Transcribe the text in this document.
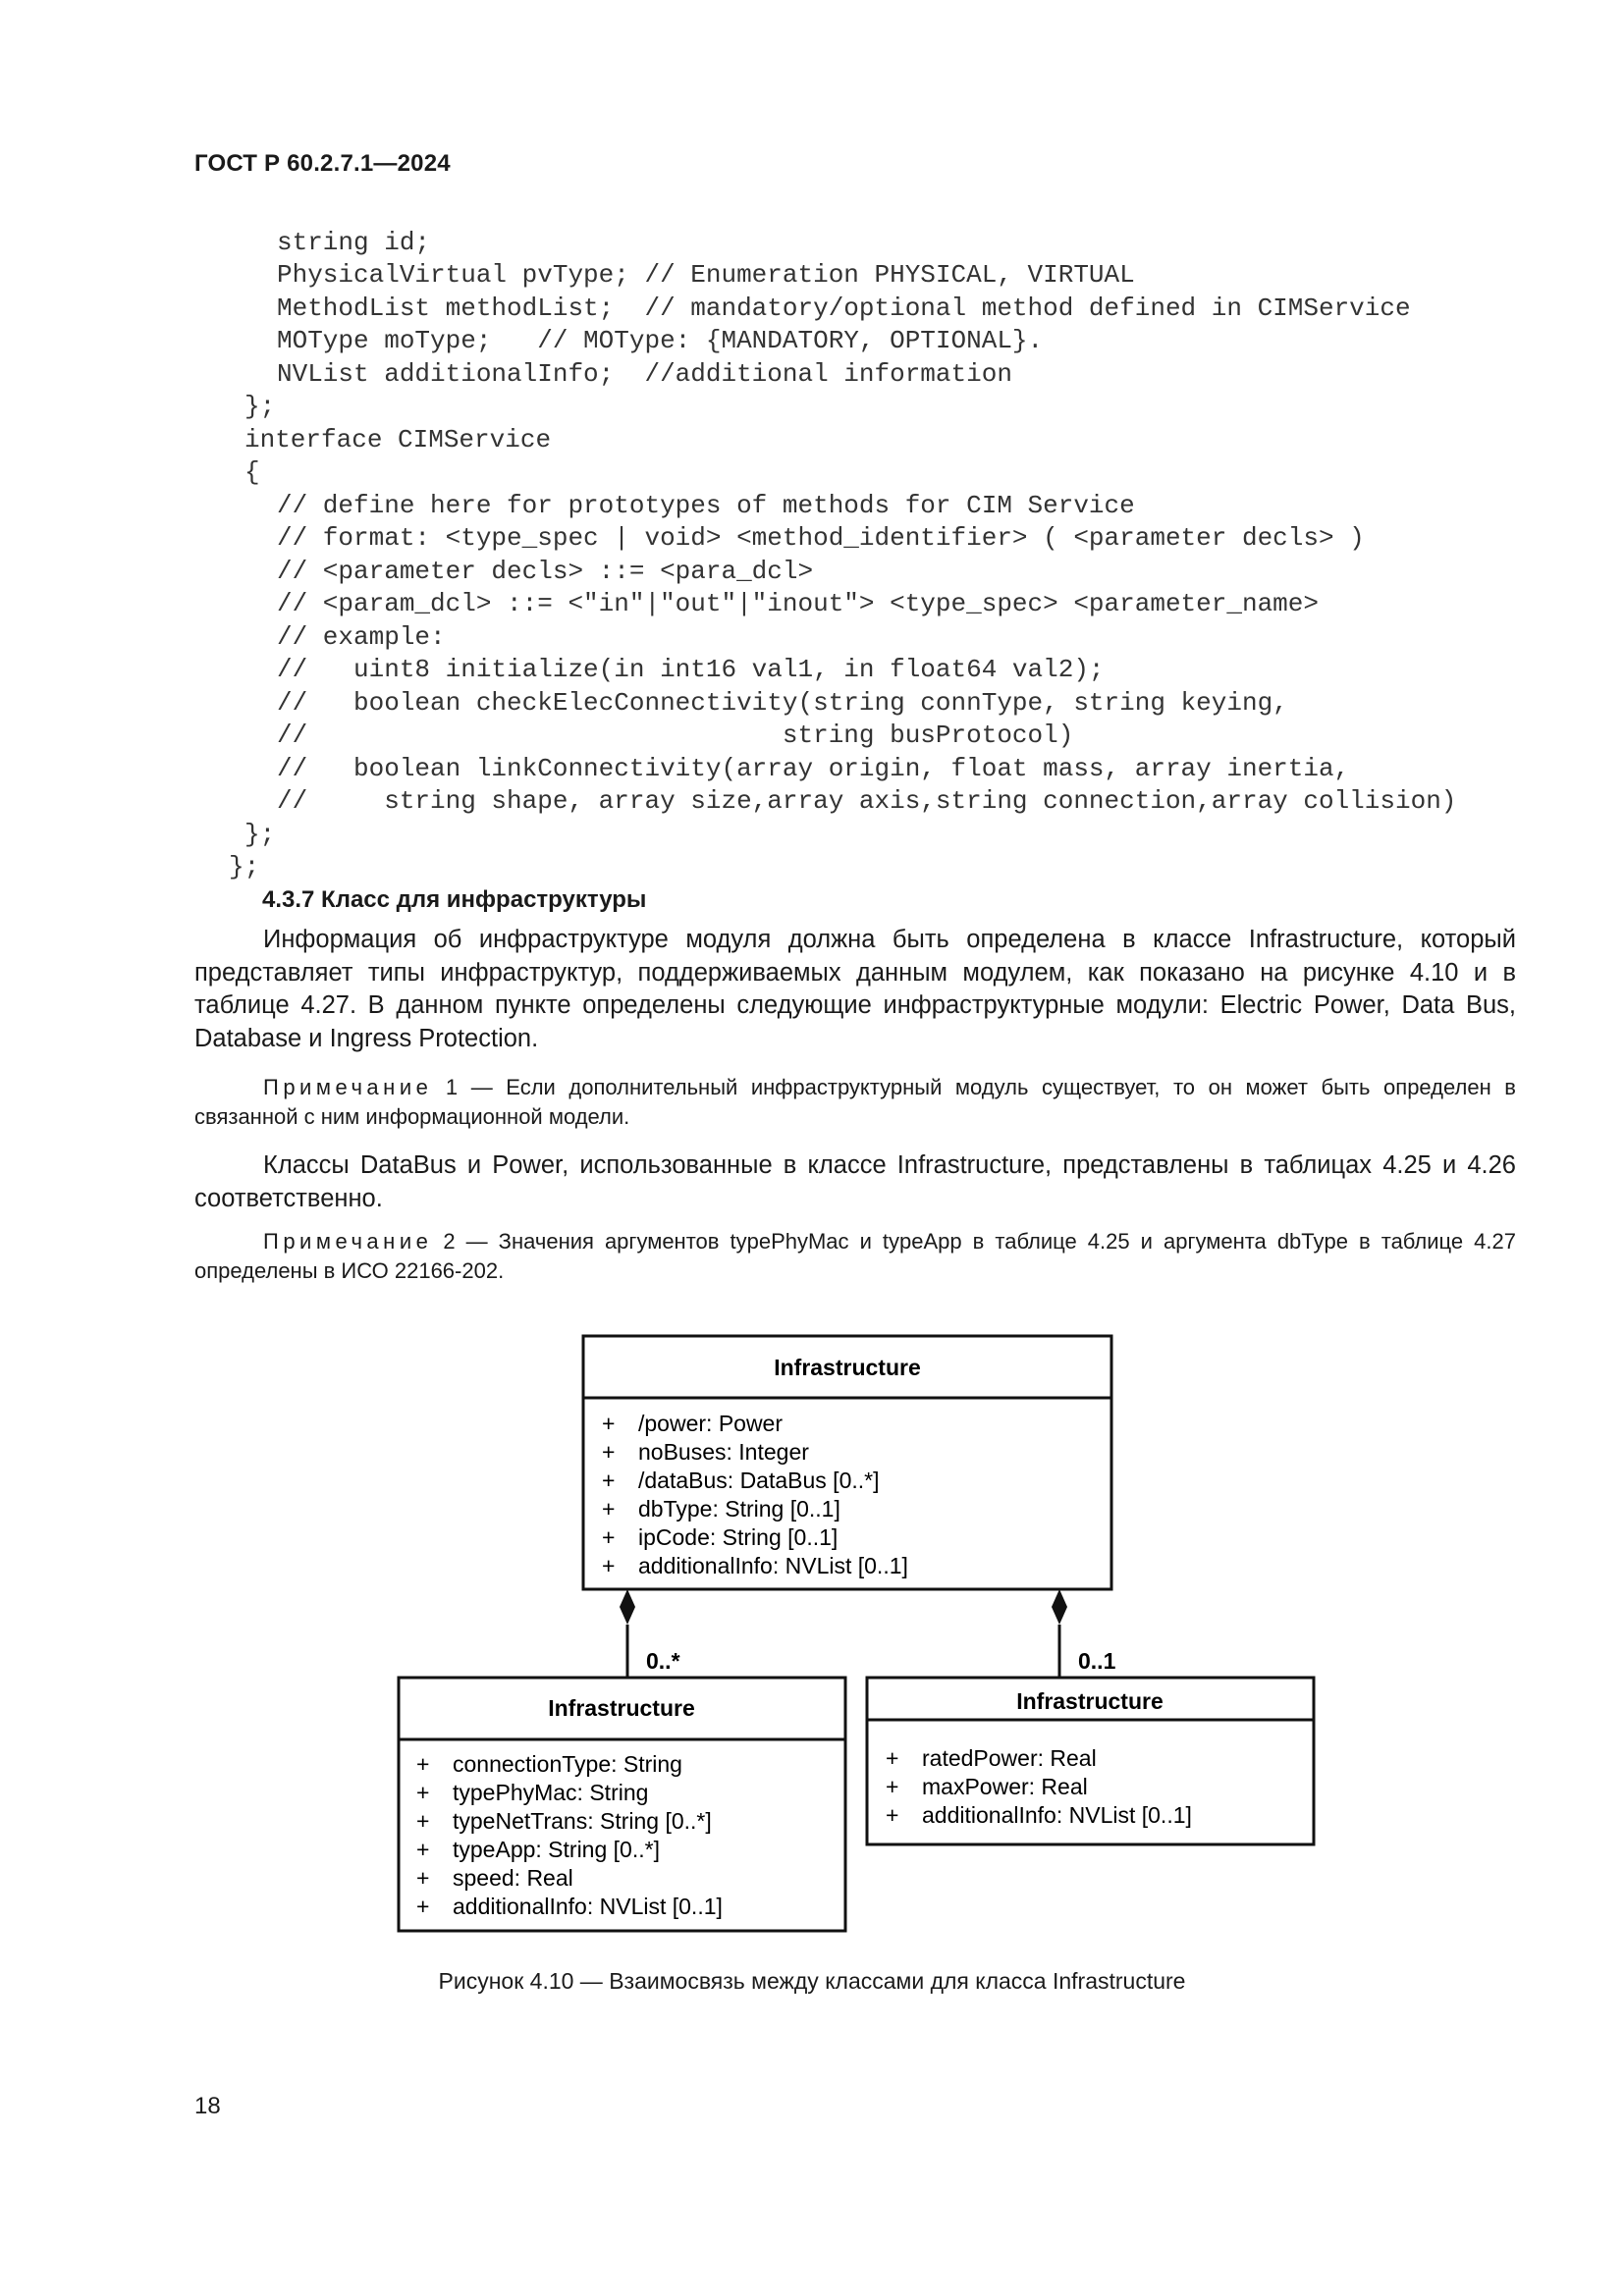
ГОСТ Р 60.2.7.1—2024
string id;
PhysicalVirtual pvType; // Enumeration PHYSICAL, VIRTUAL
MethodList methodList;  // mandatory/optional method defined in CIMService
MOType moType;   // MOType: {MANDATORY, OPTIONAL}.
NVList additionalInfo;  //additional information
};
interface CIMService
{
// define here for prototypes of methods for CIM Service
// format: <type_spec | void> <method_identifier> ( <parameter decls> )
// <parameter decls> ::= <para_dcl>
// <param_dcl> ::= <"in"|"out"|"inout"> <type_spec> <parameter_name>
// example:
//   uint8 initialize(in int16 val1, in float64 val2);
//   boolean checkElecConnectivity(string connType, string keying,
//                               string busProtocol)
//   boolean linkConnectivity(array origin, float mass, array inertia,
//     string shape, array size,array axis,string connection,array collision)
};
};
4.3.7 Класс для инфраструктуры
Информация об инфраструктуре модуля должна быть определена в классе Infrastructure, который представляет типы инфраструктур, поддерживаемых данным модулем, как показано на рисунке 4.10 и в таблице 4.27. В данном пункте определены следующие инфраструктурные модули: Electric Power, Data Bus, Database и Ingress Protection.
Примечание 1 — Если дополнительный инфраструктурный модуль существует, то он может быть определен в связанной с ним информационной модели.
Классы DataBus и Power, использованные в классе Infrastructure, представлены в таблицах 4.25 и 4.26 соответственно.
Примечание 2 — Значения аргументов typePhyMac и typeApp в таблице 4.25 и аргумента dbType в таблице 4.27 определены в ИСО 22166-202.
Infrastructure
+ /power: Power
+ noBuses: Integer
+ /dataBus: DataBus [0..*]
+ dbType: String [0..1]
+ ipCode: String [0..1]
+ additionalInfo: NVList [0..1]
0..*	0..1
Infrastructure
+ connectionType: String
+ typePhyMac: String
+ typeNetTrans: String [0..*]
+ typeApp: String [0..*]
+ speed: Real
+ additionalInfo: NVList [0..1]
Infrastructure
+ ratedPower: Real
+ maxPower: Real
+ additionalInfo: NVList [0..1]
Рисунок 4.10 — Взаимосвязь между классами для класса Infrastructure
18
